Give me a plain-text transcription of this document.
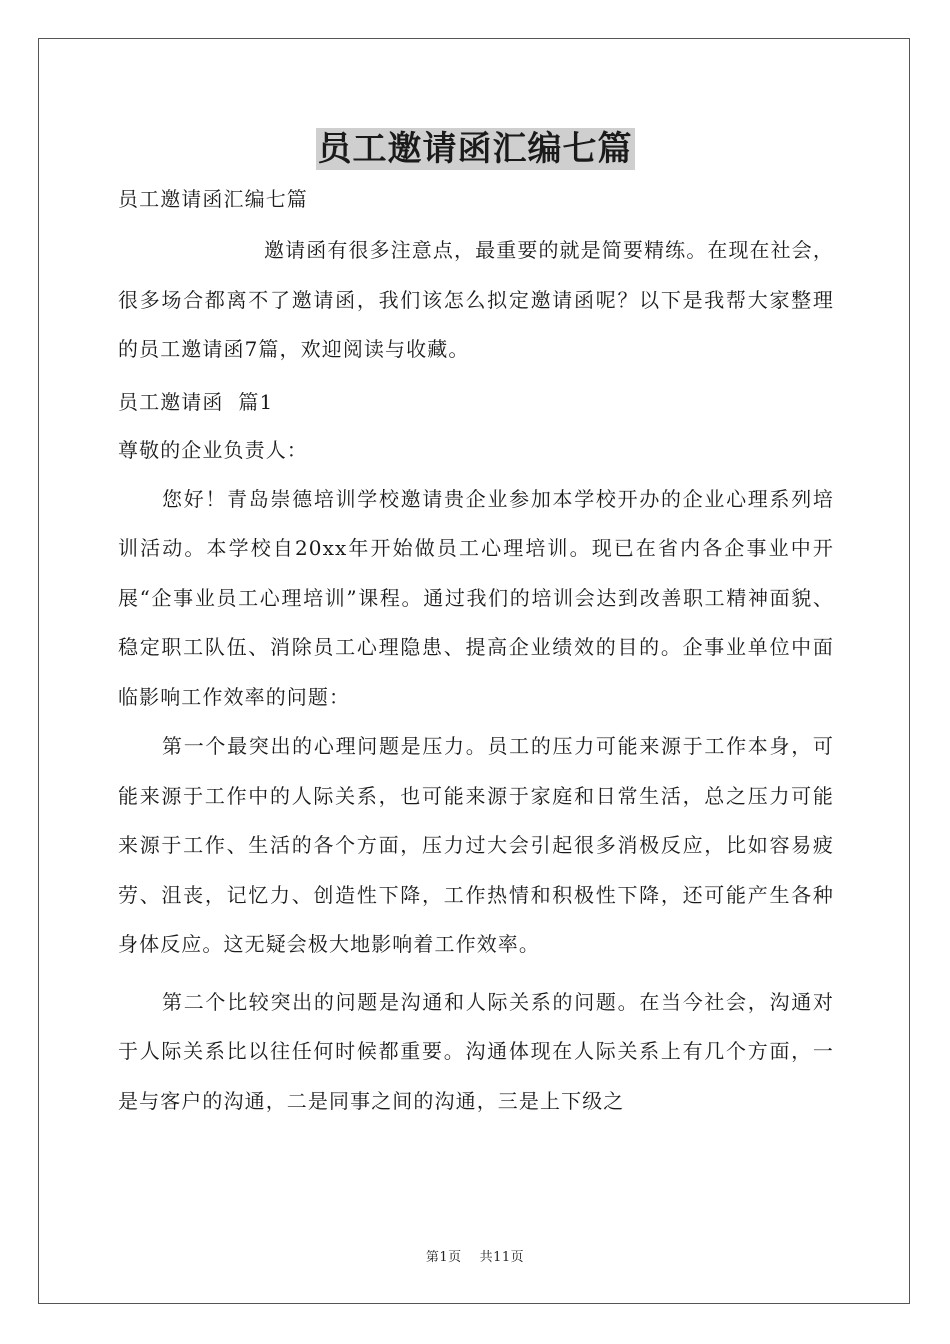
员工邀请函汇编七篇

员工邀请函汇编七篇

邀请函有很多注意点，最重要的就是简要精练。在现在社会，很多场合都离不了邀请函，我们该怎么拟定邀请函呢？以下是我帮大家整理的员工邀请函7篇，欢迎阅读与收藏。

员工邀请函  篇1

尊敬的企业负责人：

您好！青岛崇德培训学校邀请贵企业参加本学校开办的企业心理系列培训活动。本学校自20xx年开始做员工心理培训。现已在省内各企事业中开展“企事业员工心理培训”课程。通过我们的培训会达到改善职工精神面貌、稳定职工队伍、消除员工心理隐患、提高企业绩效的目的。企事业单位中面临影响工作效率的问题：

第一个最突出的心理问题是压力。员工的压力可能来源于工作本身，可能来源于工作中的人际关系，也可能来源于家庭和日常生活，总之压力可能来源于工作、生活的各个方面，压力过大会引起很多消极反应，比如容易疲劳、沮丧，记忆力、创造性下降，工作热情和积极性下降，还可能产生各种身体反应。这无疑会极大地影响着工作效率。

第二个比较突出的问题是沟通和人际关系的问题。在当今社会，沟通对于人际关系比以往任何时候都重要。沟通体现在人际关系上有几个方面，一是与客户的沟通，二是同事之间的沟通，三是上下级之

第1页 共11页
